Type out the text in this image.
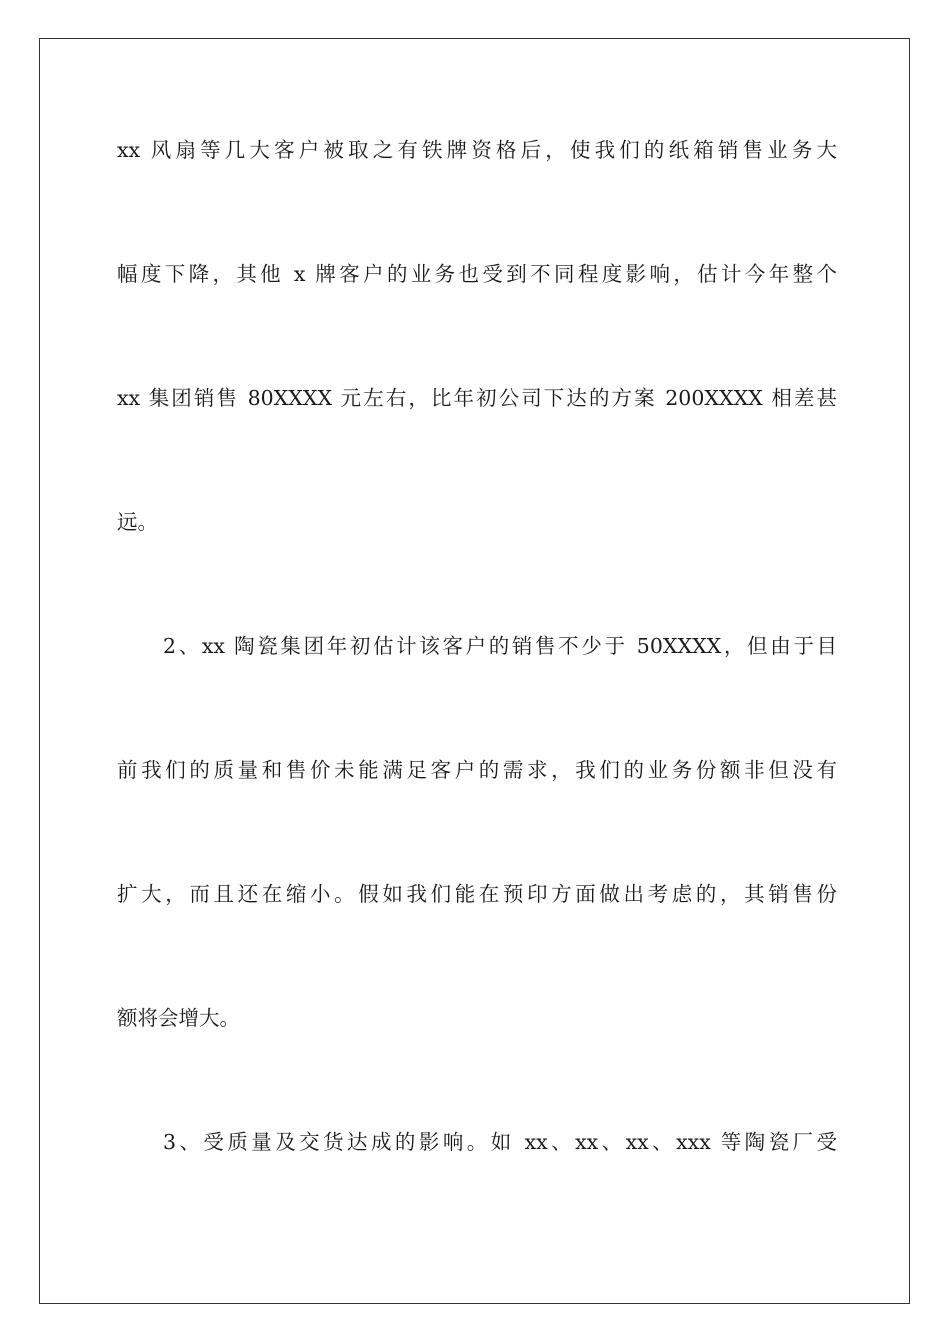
xx 风扇等几大客户被取之有铁牌资格后，使我们的纸箱销售业务大

幅度下降，其他 x 牌客户的业务也受到不同程度影响，估计今年整个

xx 集团销售 80XXXX 元左右，比年初公司下达的方案 200XXXX 相差甚

远。

2、xx 陶瓷集团年初估计该客户的销售不少于 50XXXX，但由于目

前我们的质量和售价未能满足客户的需求，我们的业务份额非但没有

扩大，而且还在缩小。假如我们能在预印方面做出考虑的，其销售份

额将会增大。

3、受质量及交货达成的影响。如 xx、xx、xx、xxx 等陶瓷厂受
